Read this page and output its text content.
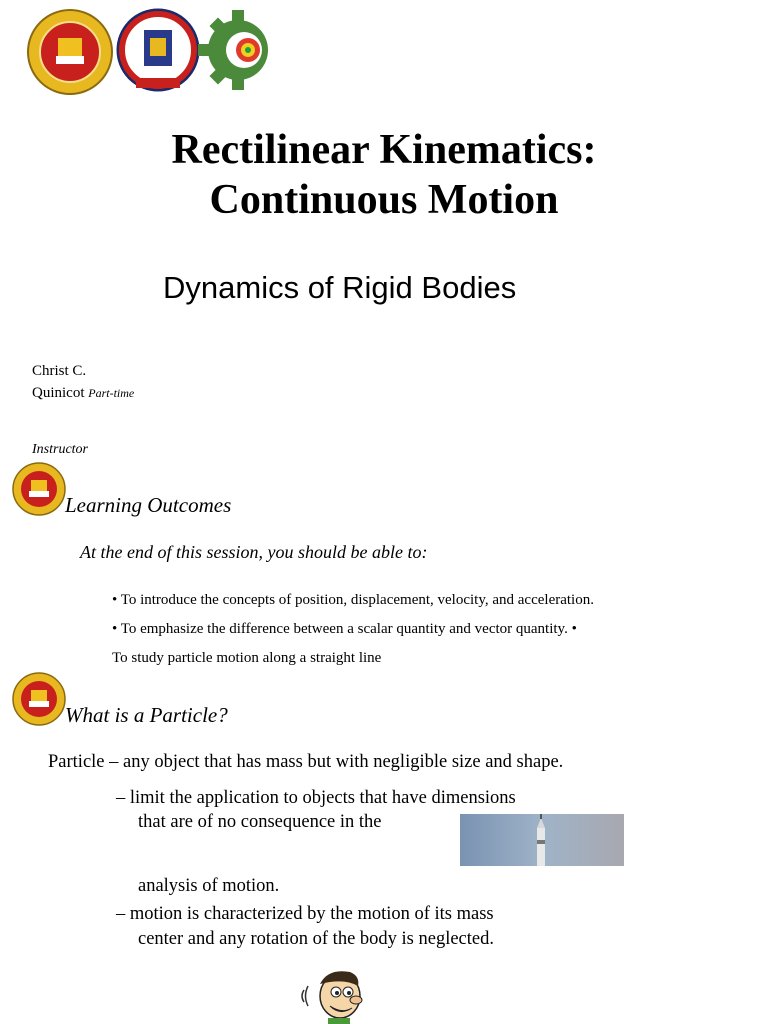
Rectilinear Kinematics:
Continuous Motion
Dynamics of Rigid Bodies
Christ C.
Quinicot Part-time
Instructor
Learning Outcomes
At the end of this session, you should be able to:
• To introduce the concepts of position, displacement, velocity, and acceleration.
• To emphasize the difference between a scalar quantity and vector quantity. •
To study particle motion along a straight line
What is a Particle?
Particle – any object that has mass but with negligible size and shape.
– limit the application to objects that have dimensions
that are of no consequence in the
analysis of motion.
– motion is characterized by the motion of its mass
center and any rotation of the body is neglected.
